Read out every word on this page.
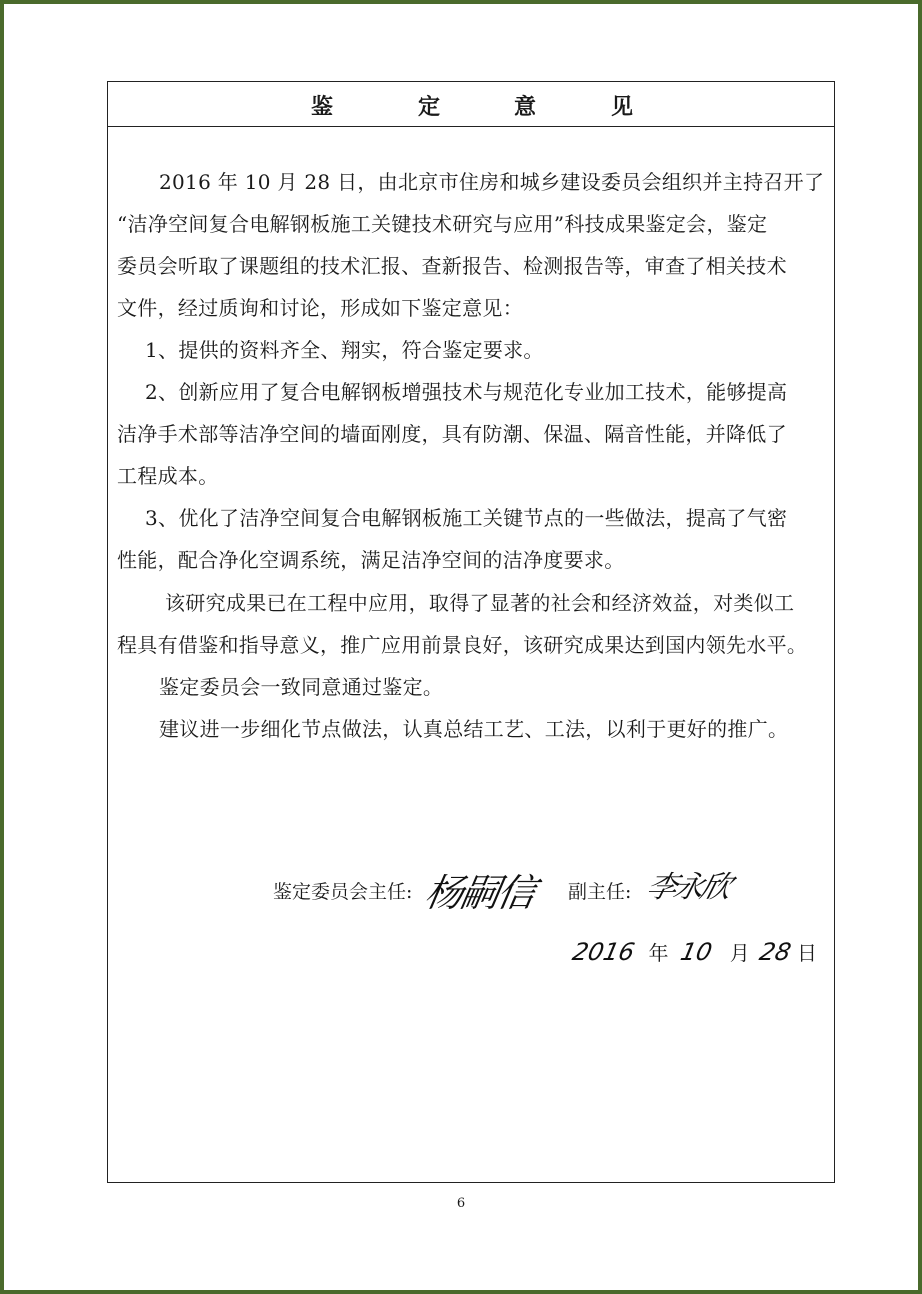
鉴	定	意	见
2016 年 10 月 28 日，由北京市住房和城乡建设委员会组织并主持召开了
“洁净空间复合电解钢板施工关键技术研究与应用”科技成果鉴定会，鉴定
委员会听取了课题组的技术汇报、查新报告、检测报告等，审查了相关技术
文件，经过质询和讨论，形成如下鉴定意见：
1、提供的资料齐全、翔实，符合鉴定要求。
2、创新应用了复合电解钢板增强技术与规范化专业加工技术，能够提高
洁净手术部等洁净空间的墙面刚度，具有防潮、保温、隔音性能，并降低了
工程成本。
3、优化了洁净空间复合电解钢板施工关键节点的一些做法，提高了气密
性能，配合净化空调系统，满足洁净空间的洁净度要求。
该研究成果已在工程中应用，取得了显著的社会和经济效益，对类似工
程具有借鉴和指导意义，推广应用前景良好，该研究成果达到国内领先水平。
鉴定委员会一致同意通过鉴定。
建议进一步细化节点做法，认真总结工艺、工法，以利于更好的推广。
鉴定委员会主任: 杨嗣信 副主任: 李永欣
2016 年 10 月 28 日
6
